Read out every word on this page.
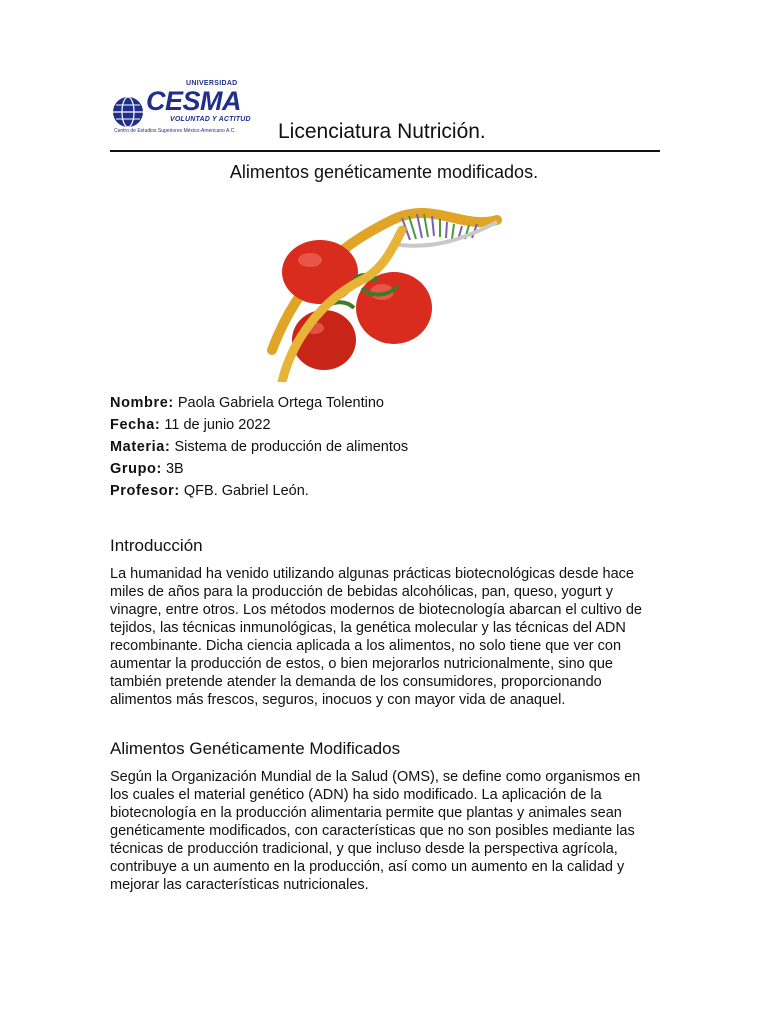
UNIVERSIDAD
CESMA
VOLUNTAD Y ACTITUD
Centro de Estudios Superiores México-Americano A.C. Licenciatura Nutrición.
Alimentos genéticamente modificados.
Nombre: Paola Gabriela Ortega Tolentino
Fecha: 11 de junio 2022
Materia: Sistema de producción de alimentos
Grupo: 3B
Profesor: QFB. Gabriel León.
Introducción

La humanidad ha venido utilizando algunas prácticas biotecnológicas desde hace miles de años para la producción de bebidas alcohólicas, pan, queso, yogurt y vinagre, entre otros. Los métodos modernos de biotecnología abarcan el cultivo de tejidos, las técnicas inmunológicas, la genética molecular y las técnicas del ADN recombinante. Dicha ciencia aplicada a los alimentos, no solo tiene que ver con aumentar la producción de estos, o bien mejorarlos nutricionalmente, sino que también pretende atender la demanda de los consumidores, proporcionando alimentos más frescos, seguros, inocuos y con mayor vida de anaquel.

Alimentos Genéticamente Modificados

Según la Organización Mundial de la Salud (OMS), se define como organismos en los cuales el material genético (ADN) ha sido modificado. La aplicación de la biotecnología en la producción alimentaria permite que plantas y animales sean genéticamente modificados, con características que no son posibles mediante las técnicas de producción tradicional, y que incluso desde la perspectiva agrícola, contribuye a un aumento en la producción, así como un aumento en la calidad y mejorar las características nutricionales.
